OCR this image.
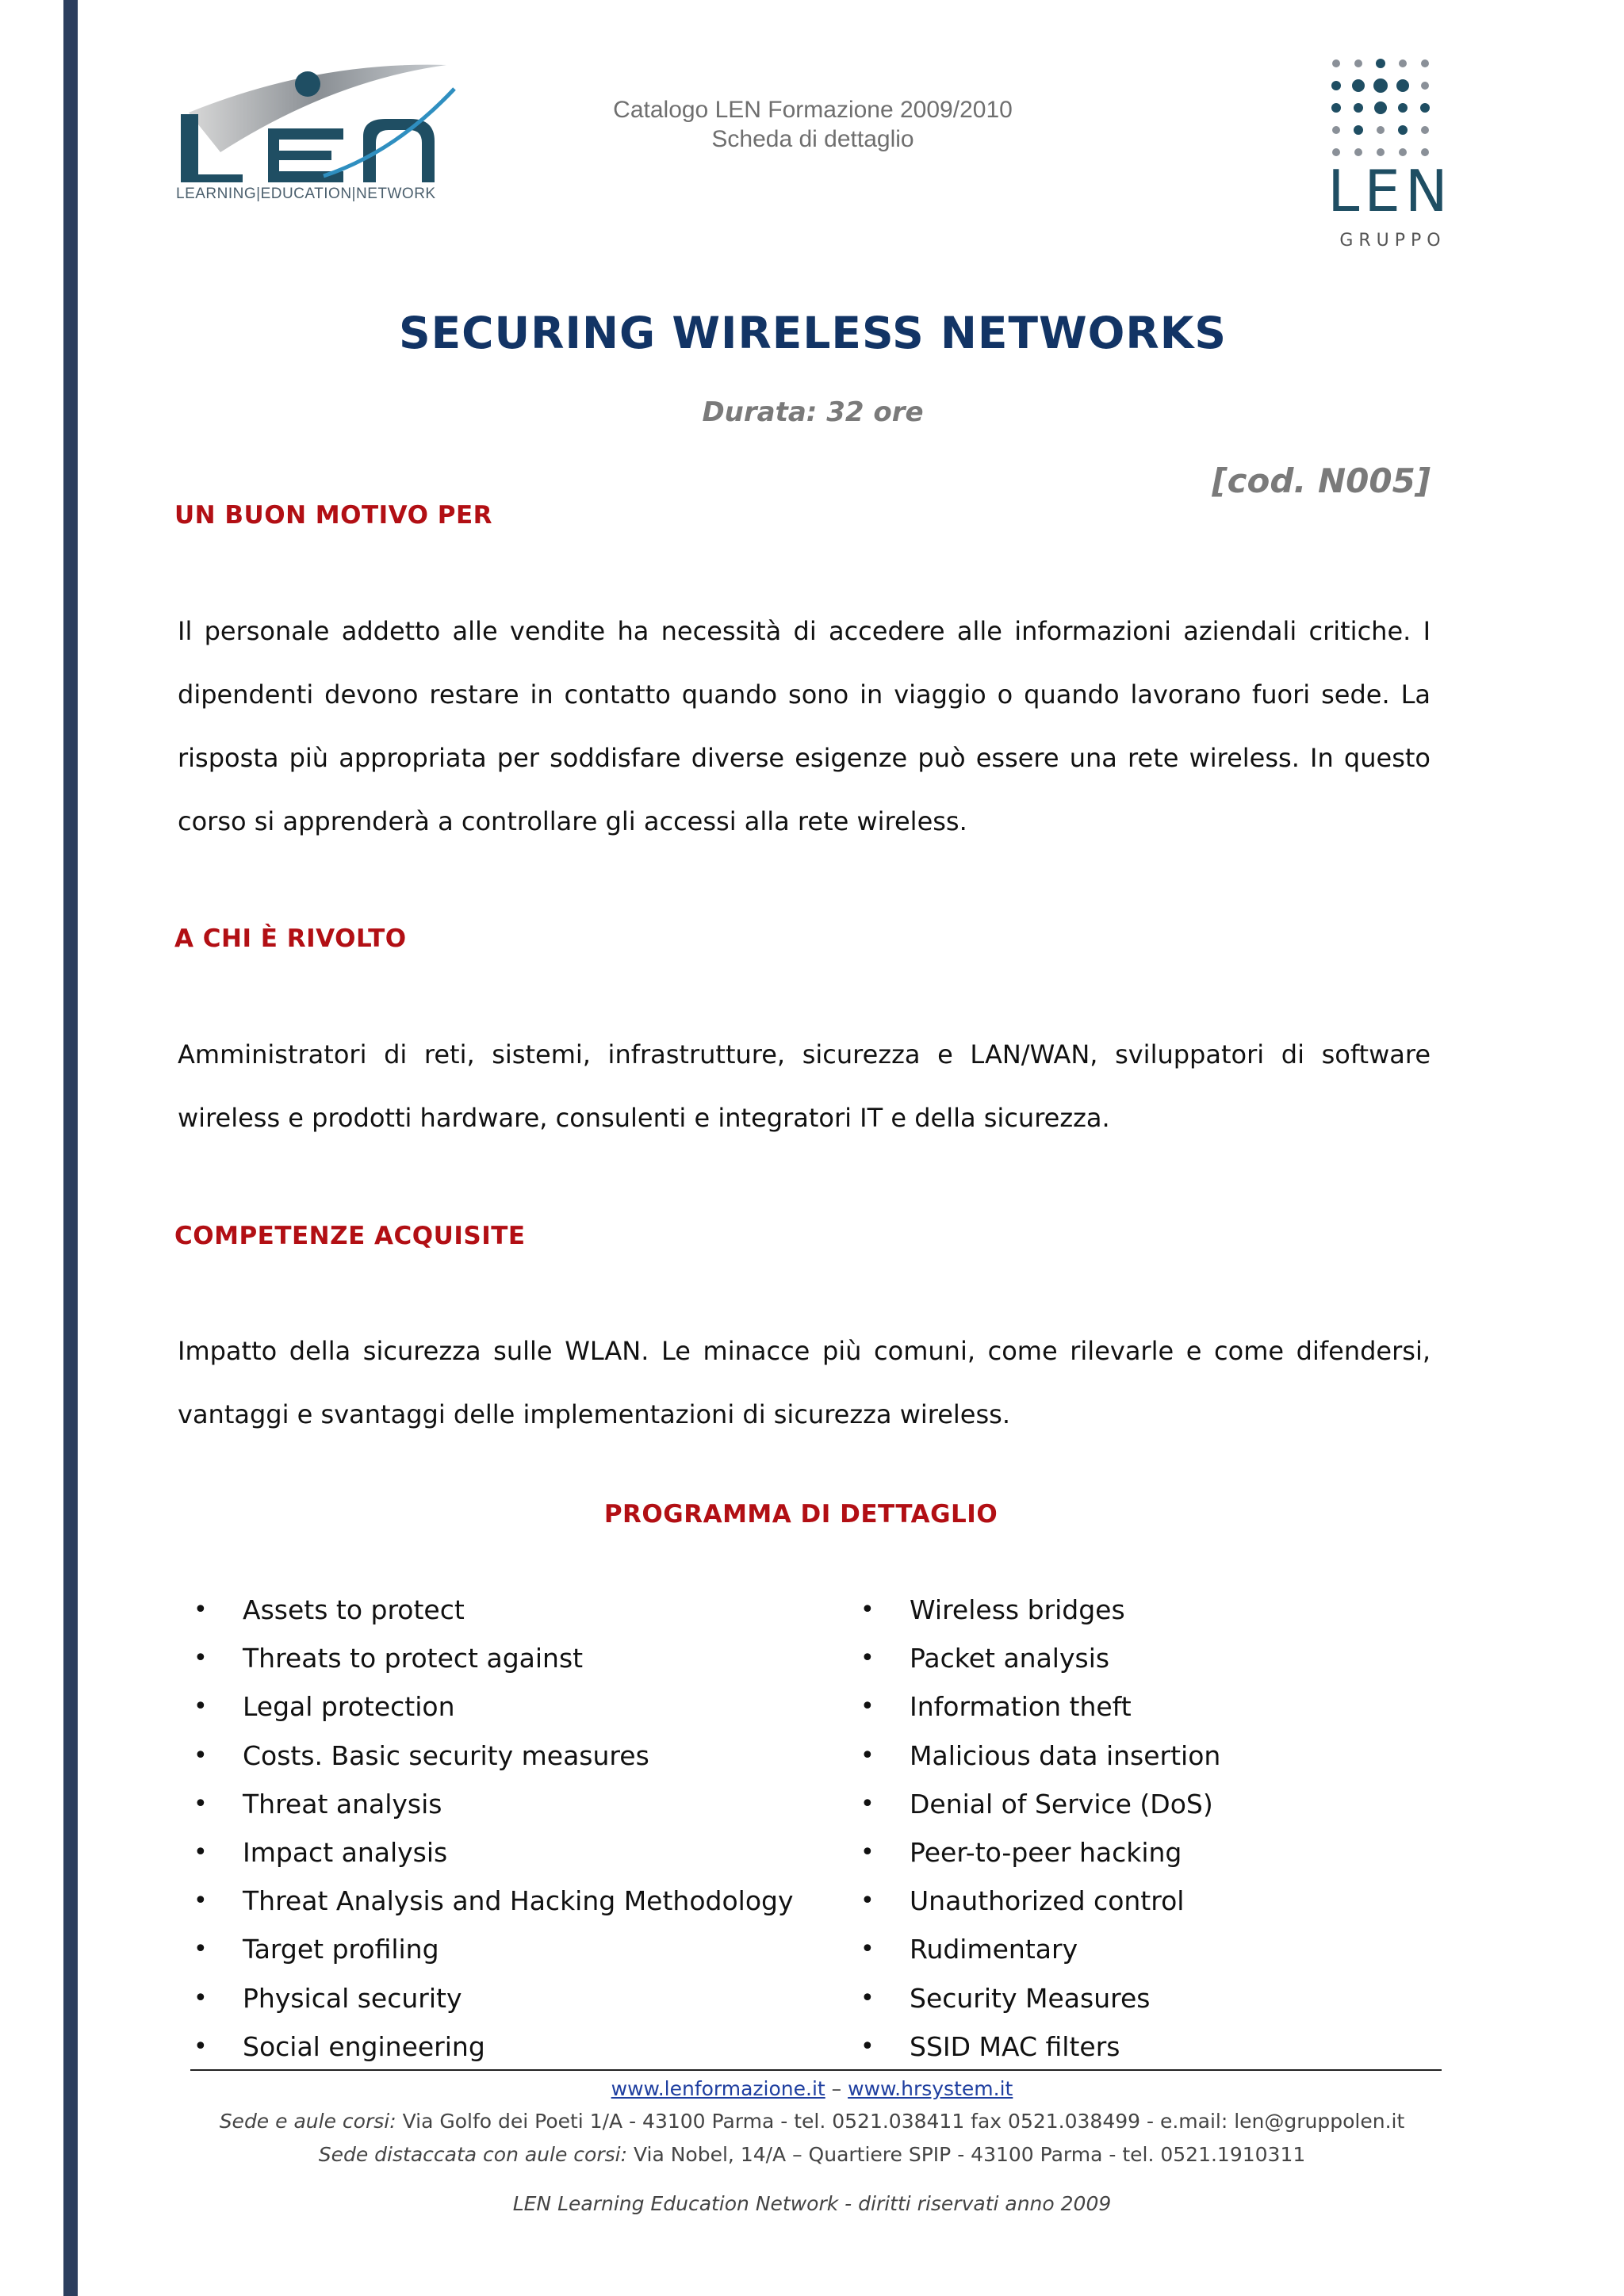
LEARNING|EDUCATION|NETWORK
Catalogo LEN Formazione 2009/2010
Scheda di dettaglio
LEN
G R U P P O
SECURING WIRELESS NETWORKS
Durata: 32 ore
[cod. N005]
UN BUON MOTIVO PER

Il personale addetto alle vendite ha necessità di accedere alle informazioni aziendali critiche. I dipendenti devono restare in contatto quando sono in viaggio o quando lavorano fuori sede. La risposta più appropriata per soddisfare diverse esigenze può essere una rete wireless. In questo corso si apprenderà a controllare gli accessi alla rete wireless.

A CHI È RIVOLTO

Amministratori di reti, sistemi, infrastrutture, sicurezza e LAN/WAN, sviluppatori di software wireless e prodotti hardware, consulenti e integratori IT e della sicurezza.

COMPETENZE ACQUISITE

Impatto della sicurezza sulle WLAN. Le minacce più comuni, come rilevarle e come difendersi, vantaggi e svantaggi delle implementazioni di sicurezza wireless.

PROGRAMMA DI DETTAGLIO
• Assets to protect
• Threats to protect against
• Legal protection
• Costs. Basic security measures
• Threat analysis
• Impact analysis
• Threat Analysis and Hacking Methodology
• Target profiling
• Physical security
• Social engineering
• Wireless bridges
• Packet analysis
• Information theft
• Malicious data insertion
• Denial of Service (DoS)
• Peer-to-peer hacking
• Unauthorized control
• Rudimentary
• Security Measures
• SSID MAC filters
www.lenformazione.it – www.hrsystem.it
Sede e aule corsi: Via Golfo dei Poeti 1/A - 43100 Parma - tel. 0521.038411 fax 0521.038499 - e.mail: len@gruppolen.it
Sede distaccata con aule corsi: Via Nobel, 14/A – Quartiere SPIP - 43100 Parma - tel. 0521.1910311
LEN Learning Education Network - diritti riservati anno 2009
